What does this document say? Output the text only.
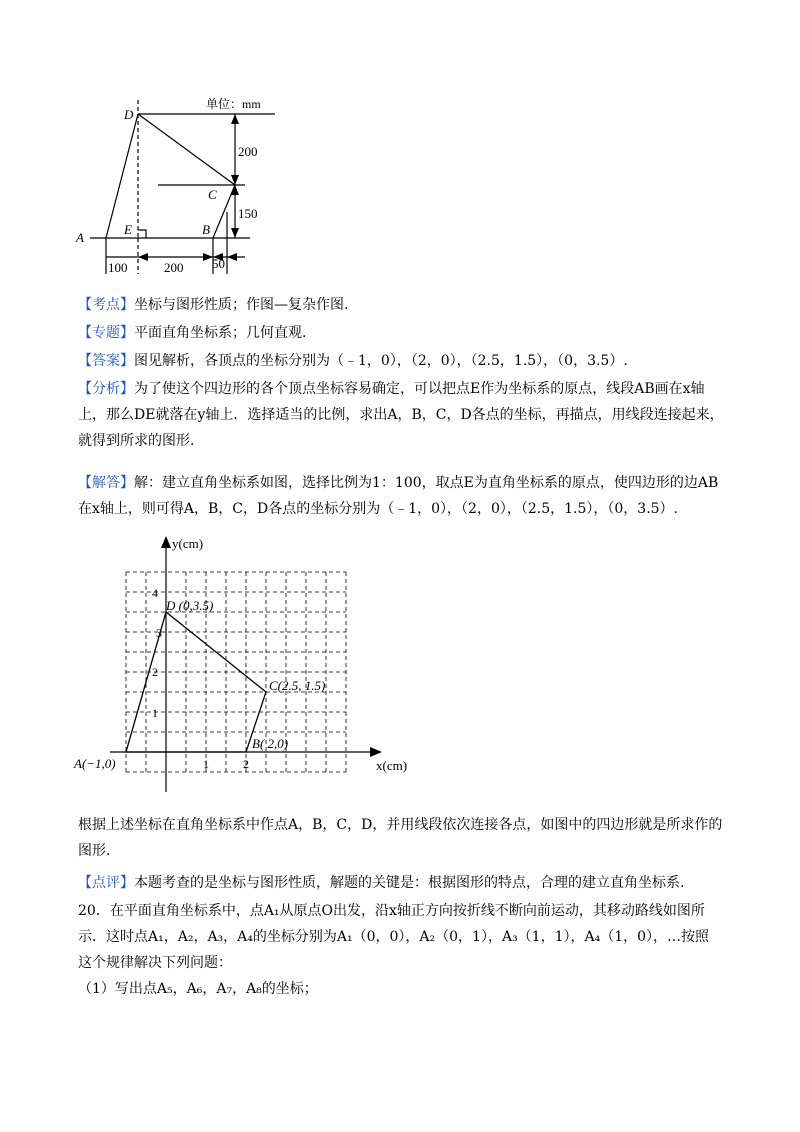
单位：mm
D
C
A
E	B
200
150
100	200 50

【考点】坐标与图形性质；作图—复杂作图.

【专题】平面直角坐标系；几何直观.

【答案】图见解析，各顶点的坐标分别为（﹣1，0），（2，0），（2.5，1.5），（0，3.5）.

【分析】为了使这个四边形的各个顶点坐标容易确定，可以把点E作为坐标系的原点，线段AB画在x轴
上，那么DE就落在y轴上．选择适当的比例，求出A，B，C，D各点的坐标，再描点，用线段连接起来，
就得到所求的图形.

【解答】解：建立直角坐标系如图，选择比例为1：100，取点E为直角坐标系的原点，使四边形的边AB
在x轴上，则可得A，B，C，D各点的坐标分别为（﹣1，0），（2，0），（2.5，1.5），（0，3.5）.

y(cm)
x(cm)
4
3
2
1
1	2
D (0,3.5)
C(2.5, 1.5)
B( 2,0)
A(−1,0)

根据上述坐标在直角坐标系中作点A，B，C，D，并用线段依次连接各点，如图中的四边形就是所求作的
图形.

【点评】本题考查的是坐标与图形性质，解题的关键是：根据图形的特点，合理的建立直角坐标系.

20．在平面直角坐标系中，点A₁从原点O出发，沿x轴正方向按折线不断向前运动，其移动路线如图所
示．这时点A₁，A₂，A₃，A₄的坐标分别为A₁（0，0），A₂（0，1），A₃（1，1），A₄（1，0），…按照
这个规律解决下列问题：
（1）写出点A₅，A₆，A₇，A₈的坐标；
